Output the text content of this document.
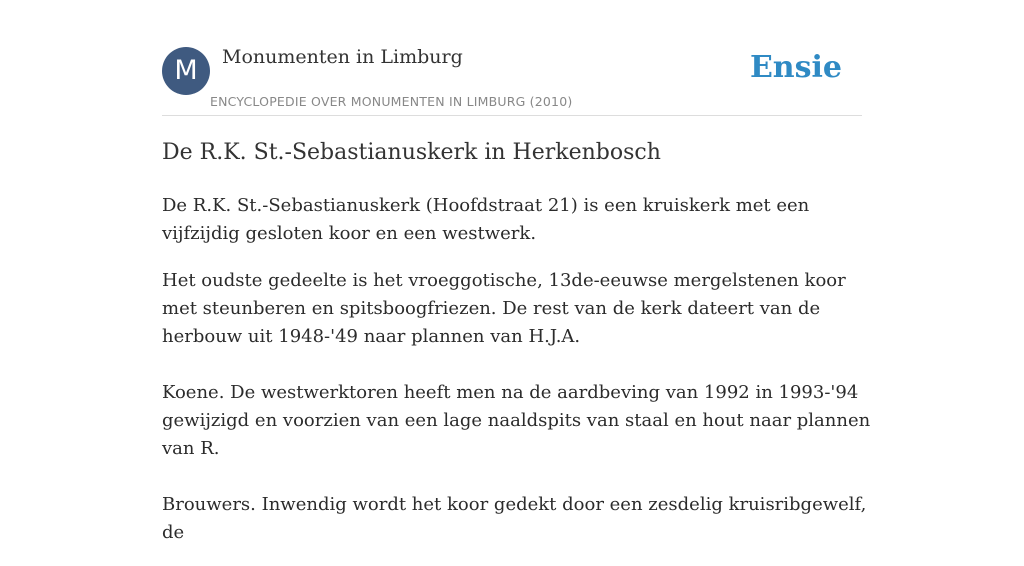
M	Monumenten in Limburg
ENCYCLOPEDIE OVER MONUMENTEN IN LIMBURG (2010)
Ensie
De R.K. St.-Sebastianuskerk in Herkenbosch

De R.K. St.-Sebastianuskerk (Hoofdstraat 21) is een kruiskerk met een vijfzijdig gesloten koor en een westwerk.

Het oudste gedeelte is het vroeggotische, 13de-eeuwse mergelstenen koor met steunberen en spitsboogfriezen. De rest van de kerk dateert van de herbouw uit 1948-'49 naar plannen van H.J.A.

Koene. De westwerktoren heeft men na de aardbeving van 1992 in 1993-'94 gewijzigd en voorzien van een lage naaldspits van staal en hout naar plannen van R.

Brouwers. Inwendig wordt het koor gedekt door een zesdelig kruisribgewelf, de
